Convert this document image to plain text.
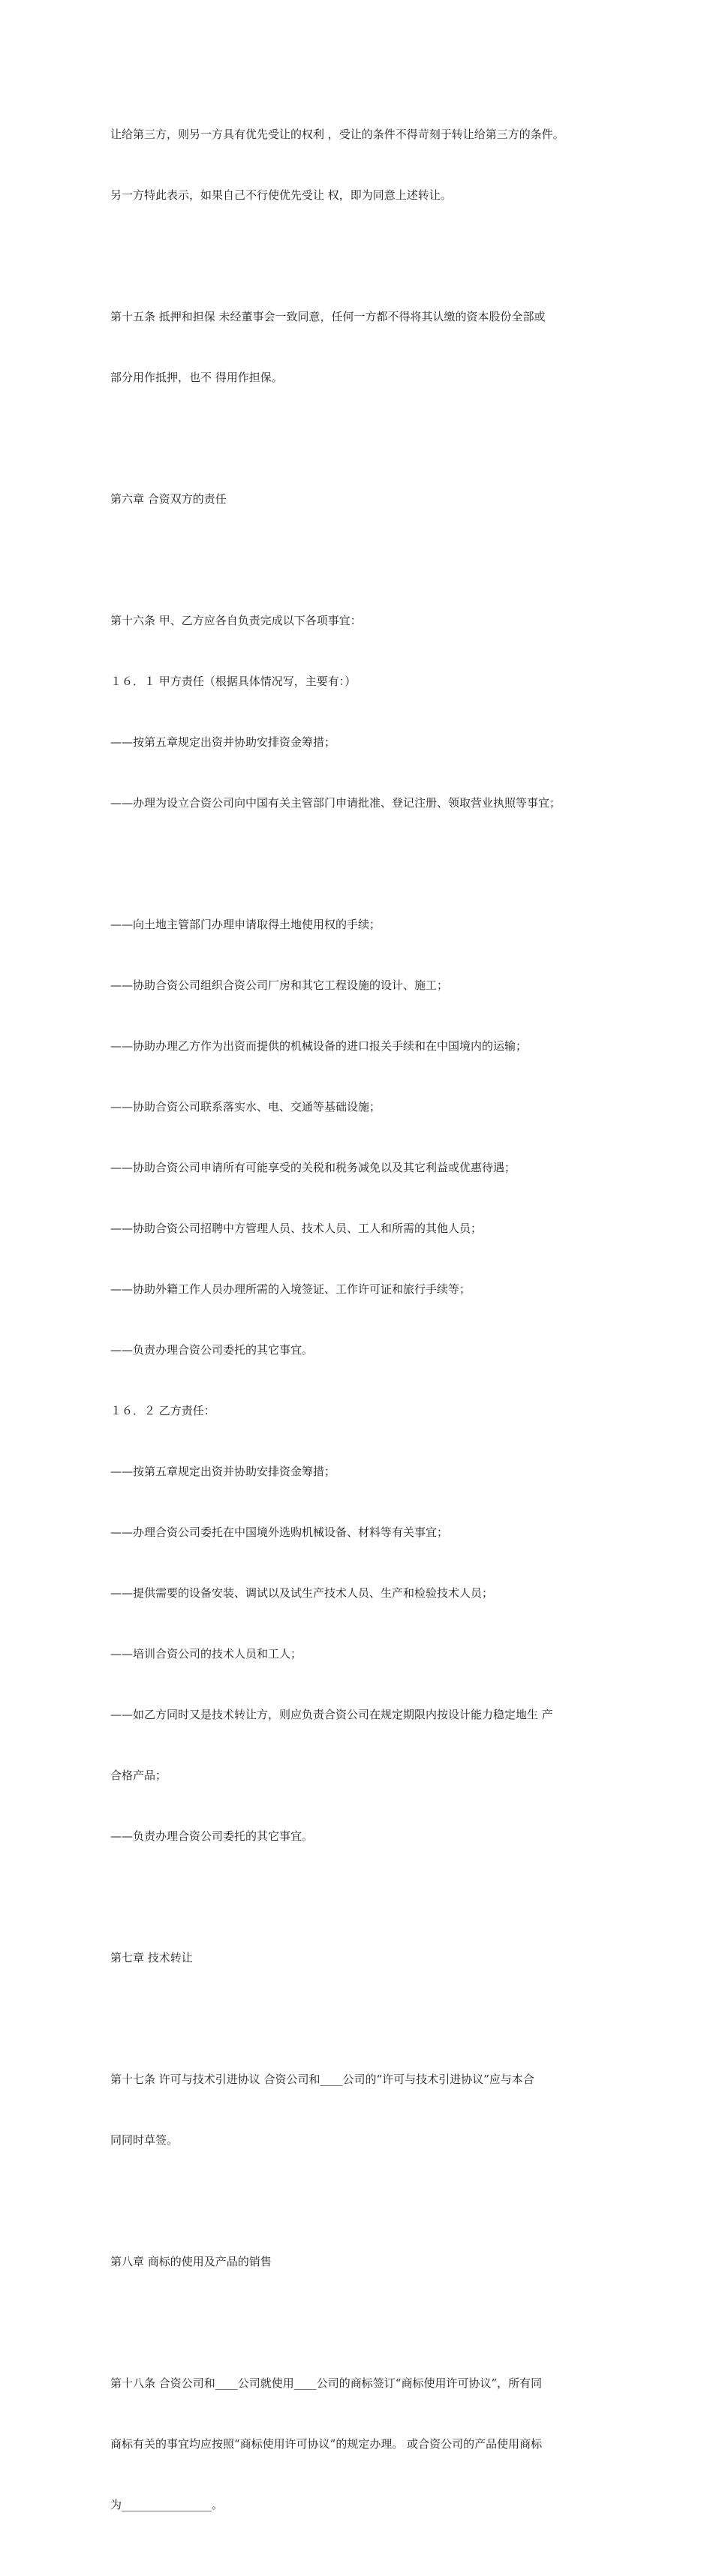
让给第三方，则另一方具有优先受让的权利 ，受让的条件不得苛刻于转让给第三方的条件。

另一方特此表示，如果自己不行使优先受让 权，即为同意上述转让。

第十五条 抵押和担保 未经董事会一致同意，任何一方都不得将其认缴的资本股份全部或

部分用作抵押，也不 得用作担保。

第六章 合资双方的责任

第十六条 甲、乙方应各自负责完成以下各项事宜：

１６．１ 甲方责任（根据具体情况写，主要有：）

——按第五章规定出资并协助安排资金筹措；

——办理为设立合资公司向中国有关主管部门申请批准、登记注册、领取营业执照等事宜；

——向土地主管部门办理申请取得土地使用权的手续；

——协助合资公司组织合资公司厂房和其它工程设施的设计、施工；

——协助办理乙方作为出资而提供的机械设备的进口报关手续和在中国境内的运输；

——协助合资公司联系落实水、电、交通等基础设施；

——协助合资公司申请所有可能享受的关税和税务减免以及其它利益或优惠待遇；

——协助合资公司招聘中方管理人员、技术人员、工人和所需的其他人员；

——协助外籍工作人员办理所需的入境签证、工作许可证和旅行手续等；

——负责办理合资公司委托的其它事宜。

１６．２ 乙方责任：

——按第五章规定出资并协助安排资金筹措；

——办理合资公司委托在中国境外选购机械设备、材料等有关事宜；

——提供需要的设备安装、调试以及试生产技术人员、生产和检验技术人员；

——培训合资公司的技术人员和工人；

——如乙方同时又是技术转让方，则应负责合资公司在规定期限内按设计能力稳定地生 产

合格产品；

——负责办理合资公司委托的其它事宜。

第七章 技术转让

第十七条 许可与技术引进协议 合资公司和____公司的“许可与技术引进协议”应与本合

同同时草签。

第八章 商标的使用及产品的销售

第十八条 合资公司和____公司就使用____公司的商标签订“商标使用许可协议”，所有同

商标有关的事宜均应按照“商标使用许可协议”的规定办理。 或合资公司的产品使用商标

为________________。
